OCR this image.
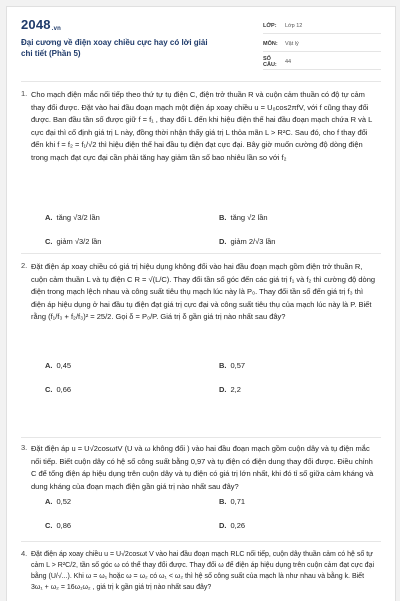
2048.vn
Đại cương về điện xoay chiều cực hay có lời giải chi tiết (Phần 5)
LỚP:	Lớp 12
MÔN:	Vật lý
SỐ CÂU:	44
1. Cho mạch điện mắc nối tiếp theo thứ tự tụ điện C, điện trở thuần R và cuộn cảm thuần có độ tự cảm thay đổi được. Đặt vào hai đầu đoạn mạch một điện áp xoay chiều u = U₀cos2πfV, với f cũng thay đổi được. Ban đầu tần số được giữ f = f₁ , thay đổi L đến khi hiệu điện thế hai đầu đoạn mạch chứa R và L cực đại thì cố định giá trị L này, đồng thời nhận thấy giá trị L thỏa mãn L > R²C. Sau đó, cho f thay đổi đến khi f = f₂ = f₁/√2 thì hiệu điện thế hai đầu tụ điện đạt cực đại. Bây giờ muốn cường độ dòng điện trong mạch đạt cực đại cần phải tăng hay giảm tần số bao nhiêu lần so với f₂
A. tăng √3/2 lần	B. tăng √2 lần
C. giảm √3/2 lần	D. giảm 2/√3 lần
2. Đặt điện áp xoay chiều có giá trị hiệu dụng không đổi vào hai đầu đoạn mạch gồm điện trở thuần R, cuộn cảm thuần L và tụ điện C R = √(L/C). Thay đổi tần số góc đến các giá trị f₁ và f₂ thì cường độ dòng điện trong mạch lệch nhau và công suất tiêu thụ mạch lúc này là P₀. Thay đổi tần số đến giá trị f₃ thì điện áp hiệu dụng ở hai đầu tụ điện đạt giá trị cực đại và công suất tiêu thụ của mạch lúc này là P. Biết rằng (f₁/f₃ + f₂/f₃)² = 25/2. Gọi δ = P₀/P. Giá trị δ gần giá trị nào nhất sau đây?
A. 0,45	B. 0,57
C. 0,66	D. 2,2
3. Đặt điện áp u = U√2cosωtV (U và ω không đổi ) vào hai đầu đoạn mạch gồm cuộn dây và tụ điện mắc nối tiếp. Biết cuộn dây có hệ số công suất bằng 0,97 và tụ điện có điện dung thay đổi được. Điều chỉnh C để tổng điện áp hiệu dụng trên cuộn dây và tụ điện có giá trị lớn nhất, khi đó tỉ số giữa cảm kháng và dung kháng của đoạn mạch điện gần giá trị nào nhất sau đây?
A. 0,52	B. 0,71
C. 0,86	D. 0,26
4. Đặt điện áp xoay chiều u = U√2cosωt V vào hai đầu đoạn mạch RLC nối tiếp, cuộn dây thuần cảm có hệ số tự cảm L > R²C/2, tần số góc ω có thể thay đổi được. Thay đổi ω để điện áp hiệu dụng trên cuộn cảm đạt cực đại bằng (U/√...). Khi ω = ω₁ hoặc ω = ω₂ có ω₁ < ω₂ thì hệ số công suất của mạch là như nhau và bằng k. Biết 3ω₁ + ω₂ = 16ω₁ω₂ , giá trị k gần giá trị nào nhất sau đây?
